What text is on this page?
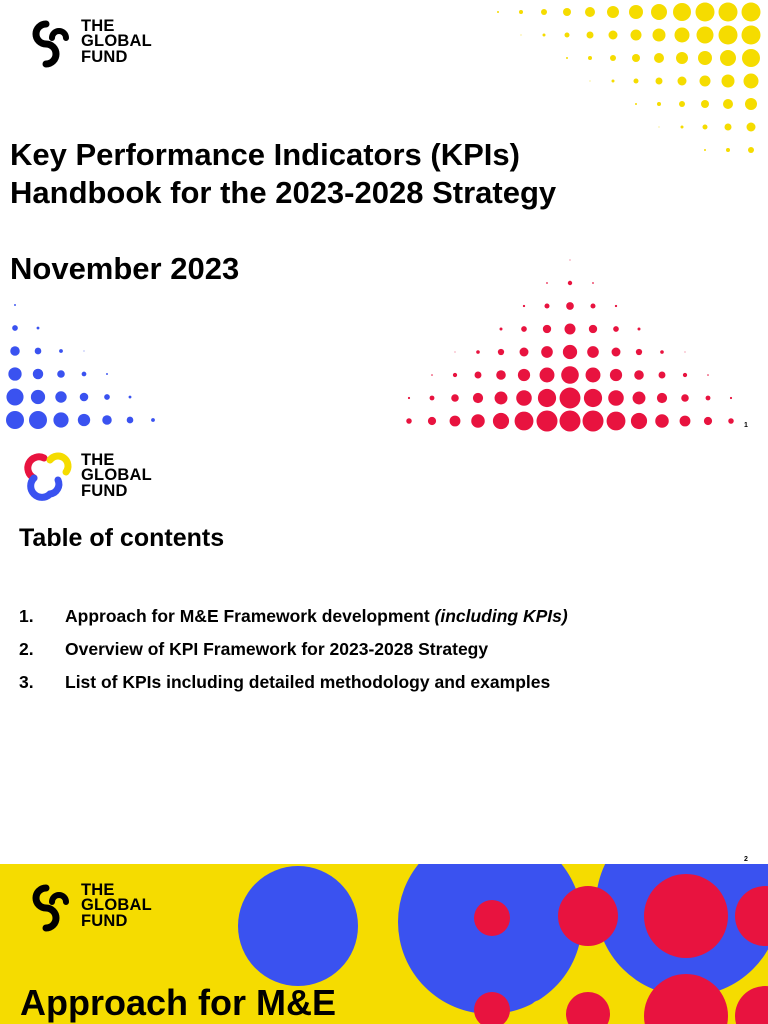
THE
GLOBAL
FUND
Key Performance Indicators (KPIs)
Handbook for the 2023-2028 Strategy
November 2023
1
THE
GLOBAL
FUND
Table of contents
1.	Approach for M&E Framework development (including KPIs)
2.	Overview of KPI Framework for 2023-2028 Strategy
3.	List of KPIs including detailed methodology and examples
2
THE
GLOBAL
FUND
Approach for M&E
